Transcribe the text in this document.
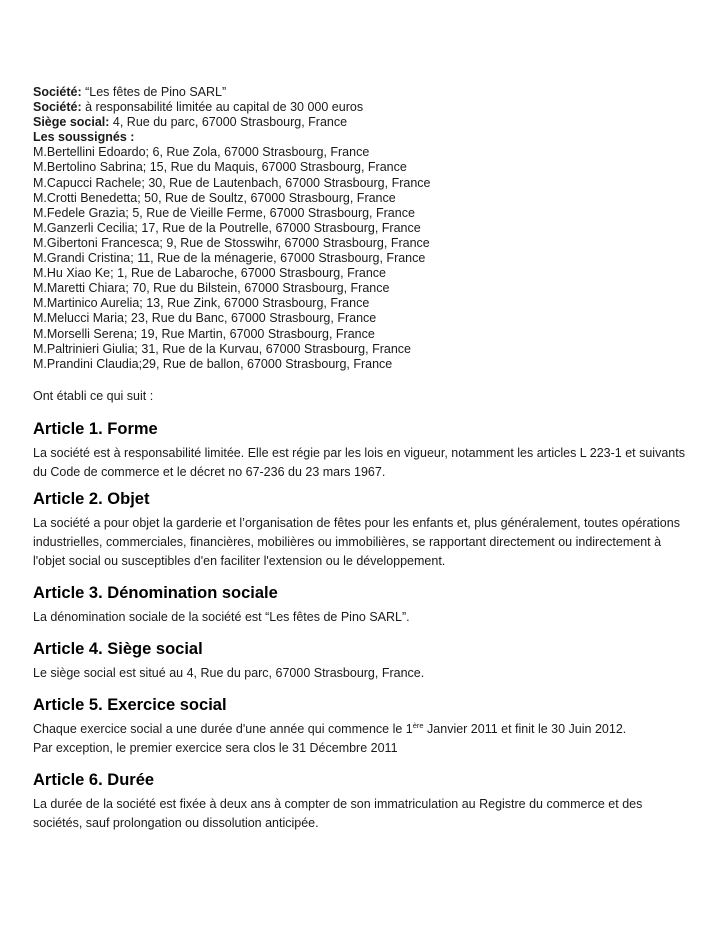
Société: “Les fêtes de Pino SARL”
Société: à responsabilité limitée au capital de 30 000 euros
Siège social: 4, Rue du parc, 67000 Strasbourg, France
Les soussignés :
M.Bertellini Edoardo; 6, Rue Zola, 67000 Strasbourg, France
M.Bertolino Sabrina; 15, Rue du Maquis, 67000 Strasbourg, France
M.Capucci Rachele; 30, Rue de Lautenbach, 67000 Strasbourg, France
M.Crotti Benedetta; 50, Rue de Soultz, 67000 Strasbourg, France
M.Fedele Grazia; 5, Rue de Vieille Ferme, 67000 Strasbourg, France
M.Ganzerli Cecilia; 17, Rue de la Poutrelle, 67000 Strasbourg, France
M.Gibertoni Francesca; 9, Rue de Stosswihr, 67000 Strasbourg, France
M.Grandi Cristina; 11, Rue de la ménagerie, 67000 Strasbourg, France
M.Hu Xiao Ke; 1, Rue de Labaroche, 67000 Strasbourg, France
M.Maretti Chiara; 70, Rue du Bilstein, 67000 Strasbourg, France
M.Martinico Aurelia; 13, Rue Zink, 67000 Strasbourg, France
M.Melucci Maria; 23, Rue du Banc, 67000 Strasbourg, France
M.Morselli Serena; 19, Rue Martin, 67000 Strasbourg, France
M.Paltrinieri Giulia; 31, Rue de la Kurvau, 67000 Strasbourg, France
M.Prandini Claudia;29, Rue de ballon, 67000 Strasbourg, France
Ont établi ce qui suit :
Article 1. Forme

La société est à responsabilité limitée. Elle est régie par les lois en vigueur, notamment les articles L 223-1 et suivants du Code de commerce et le décret no 67-236 du 23 mars 1967.

Article 2. Objet

La société a pour objet la garderie et l’organisation de fêtes pour les enfants et, plus généralement, toutes opérations industrielles, commerciales, financières, mobilières ou immobilières, se rapportant directement ou indirectement à l'objet social ou susceptibles d'en faciliter l'extension ou le développement.

Article 3. Dénomination sociale

La dénomination sociale de la société est “Les fêtes de Pino SARL”.

Article 4. Siège social

Le siège social est situé au 4, Rue du parc, 67000 Strasbourg, France.

Article 5. Exercice social

Chaque exercice social a une durée d'une année qui commence le 1ère Janvier 2011 et finit le 30 Juin 2012.
Par exception, le premier exercice sera clos le 31 Décembre 2011

Article 6. Durée

La durée de la société est fixée à deux ans à compter de son immatriculation au Registre du commerce et des sociétés, sauf prolongation ou dissolution anticipée.
